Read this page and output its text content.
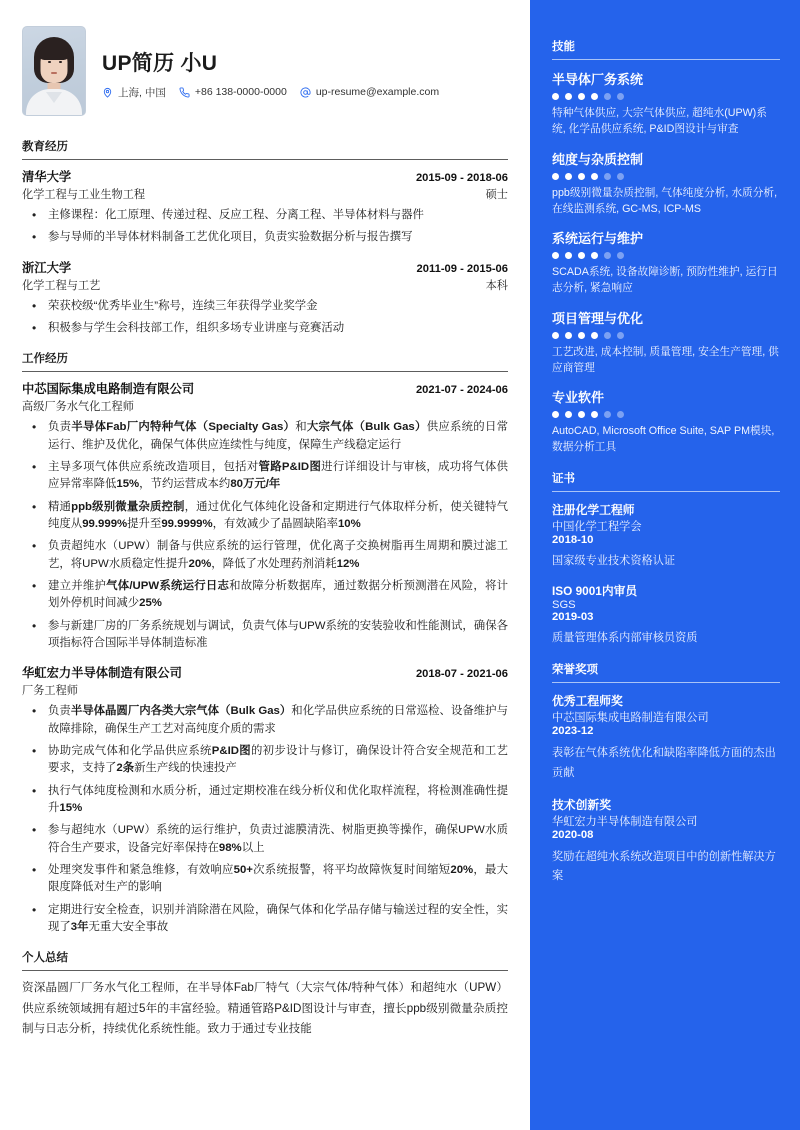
UP简历 小U
上海, 中国	+86 138-0000-0000	up-resume@example.com
教育经历
清华大学	2015-09 - 2018-06
化学工程与工业生物工程	硕士
• 主修课程：化工原理、传递过程、反应工程、分离工程、半导体材料与器件
• 参与导师的半导体材料制备工艺优化项目，负责实验数据分析与报告撰写
浙江大学	2011-09 - 2015-06
化学工程与工艺	本科
• 荣获校级“优秀毕业生”称号，连续三年获得学业奖学金
• 积极参与学生会科技部工作，组织多场专业讲座与竞赛活动
工作经历
中芯国际集成电路制造有限公司	2021-07 - 2024-06
高级厂务水气化工程师
• 负责半导体Fab厂内特种气体（Specialty Gas）和大宗气体（Bulk Gas）供应系统的日常运行、维护及优化，确保气体供应连续性与纯度，保障生产线稳定运行
• 主导多项气体供应系统改造项目，包括对管路P&ID图进行详细设计与审核，成功将气体供应异常率降低15%，节约运营成本约80万元/年
• 精通ppb级别微量杂质控制，通过优化气体纯化设备和定期进行气体取样分析，使关键特气纯度从99.999%提升至99.9999%，有效减少了晶圆缺陷率10%
• 负责超纯水（UPW）制备与供应系统的运行管理，优化离子交换树脂再生周期和膜过滤工艺，将UPW水质稳定性提升20%，降低了水处理药剂消耗12%
• 建立并维护气体/UPW系统运行日志和故障分析数据库，通过数据分析预测潜在风险，将计划外停机时间减少25%
• 参与新建厂房的厂务系统规划与调试，负责气体与UPW系统的安装验收和性能测试，确保各项指标符合国际半导体制造标准
华虹宏力半导体制造有限公司	2018-07 - 2021-06
厂务工程师
• 负责半导体晶圆厂内各类大宗气体（Bulk Gas）和化学品供应系统的日常巡检、设备维护与故障排除，确保生产工艺对高纯度介质的需求
• 协助完成气体和化学品供应系统P&ID图的初步设计与修订，确保设计符合安全规范和工艺要求，支持了2条新生产线的快速投产
• 执行气体纯度检测和水质分析，通过定期校准在线分析仪和优化取样流程，将检测准确性提升15%
• 参与超纯水（UPW）系统的运行维护，负责过滤膜清洗、树脂更换等操作，确保UPW水质符合生产要求，设备完好率保持在98%以上
• 处理突发事件和紧急维修，有效响应50+次系统报警，将平均故障恢复时间缩短20%，最大限度降低对生产的影响
• 定期进行安全检查，识别并消除潜在风险，确保气体和化学品存储与输送过程的安全性，实现了3年无重大安全事故
个人总结
资深晶圆厂厂务水气化工程师，在半导体Fab厂特气（大宗气体/特种气体）和超纯水（UPW）供应系统领域拥有超过5年的丰富经验。精通管路P&ID图设计与审查，擅长ppb级别微量杂质控制与日志分析，持续优化系统性能。致力于通过专业技能
技能
半导体厂务系统
特种气体供应, 大宗气体供应, 超纯水(UPW)系统, 化学品供应系统, P&ID图设计与审查
纯度与杂质控制
ppb级别微量杂质控制, 气体纯度分析, 水质分析, 在线监测系统, GC-MS, ICP-MS
系统运行与维护
SCADA系统, 设备故障诊断, 预防性维护, 运行日志分析, 紧急响应
项目管理与优化
工艺改进, 成本控制, 质量管理, 安全生产管理, 供应商管理
专业软件
AutoCAD, Microsoft Office Suite, SAP PM模块, 数据分析工具
证书
注册化学工程师
中国化学工程学会
2018-10
国家级专业技术资格认证
ISO 9001内审员
SGS
2019-03
质量管理体系内部审核员资质
荣誉奖项
优秀工程师奖
中芯国际集成电路制造有限公司
2023-12
表彰在气体系统优化和缺陷率降低方面的杰出贡献
技术创新奖
华虹宏力半导体制造有限公司
2020-08
奖励在超纯水系统改造项目中的创新性解决方案
